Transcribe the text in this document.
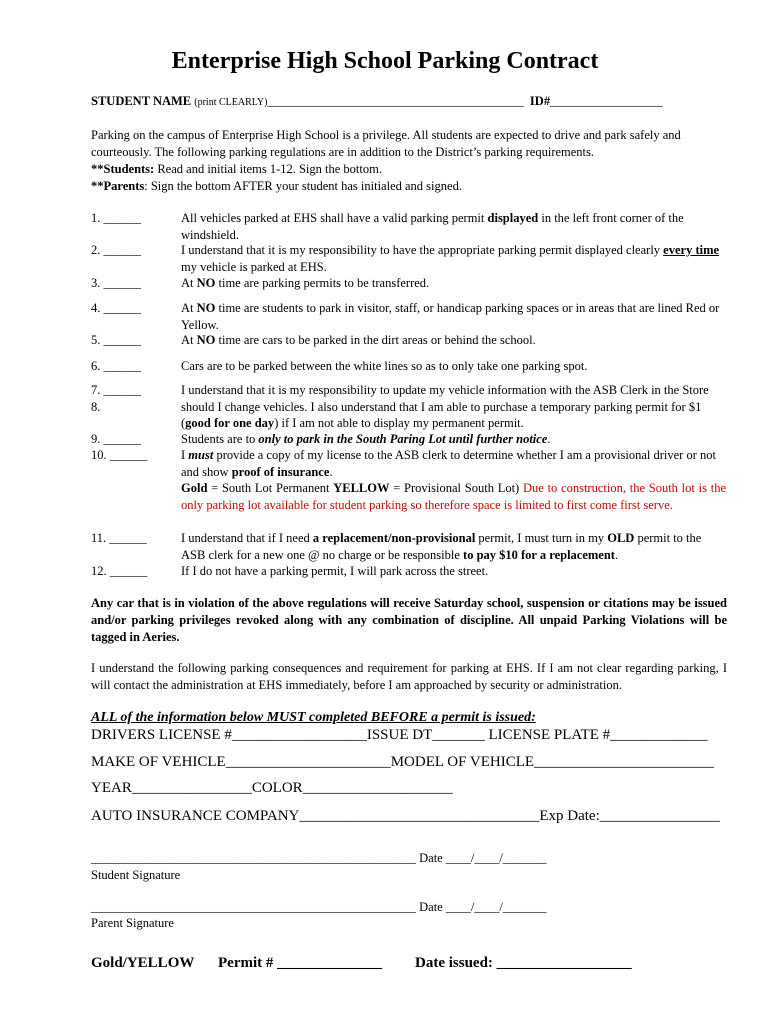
Enterprise High School Parking Contract
STUDENT NAME (print CLEARLY)_________________________________________ ID#__________________
Parking on the campus of Enterprise High School is a privilege. All students are expected to drive and park safely and courteously. The following parking regulations are in addition to the District’s parking requirements.
**Students: Read and initial items 1-12. Sign the bottom.
**Parents: Sign the bottom AFTER your student has initialed and signed.
1. ______
2. ______
3. ______
4. ______
5. ______
6. ______
7. ______
8.
9. ______
10. ______
11. ______
12. ______
All vehicles parked at EHS shall have a valid parking permit displayed in the left front corner of the windshield.
I understand that it is my responsibility to have the appropriate parking permit displayed clearly every time my vehicle is parked at EHS.
At NO time are parking permits to be transferred.
At NO time are students to park in visitor, staff, or handicap parking spaces or in areas that are lined Red or Yellow.
At NO time are cars to be parked in the dirt areas or behind the school.
Cars are to be parked between the white lines so as to only take one parking spot.
I understand that it is my responsibility to update my vehicle information with the ASB Clerk in the Store should I change vehicles. I also understand that I am able to purchase a temporary parking permit for $1 (good for one day) if I am not able to display my permanent permit.
Students are to only to park in the South Paring Lot until further notice.
I must provide a copy of my license to the ASB clerk to determine whether I am a provisional driver or not and show proof of insurance.
Gold = South Lot Permanent YELLOW = Provisional South Lot) Due to construction, the South lot is the only parking lot available for student parking so therefore space is limited to first come first serve.
I understand that if I need a replacement/non-provisional permit, I must turn in my OLD permit to the ASB clerk for a new one @ no charge or be responsible to pay $10 for a replacement.
If I do not have a parking permit, I will park across the street.
Any car that is in violation of the above regulations will receive Saturday school, suspension or citations may be issued and/or parking privileges revoked along with any combination of discipline. All unpaid Parking Violations will be tagged in Aeries.
I understand the following parking consequences and requirement for parking at EHS. If I am not clear regarding parking, I will contact the administration at EHS immediately, before I am approached by security or administration.
ALL of the information below MUST completed BEFORE a permit is issued:
DRIVERS LICENSE #__________________ISSUE DT_______ LICENSE PLATE #_____________
MAKE OF VEHICLE______________________MODEL OF VEHICLE________________________
YEAR________________COLOR____________________
AUTO INSURANCE COMPANY________________________________Exp Date:________________
____________________________________________________ Date ____/____/_______
Student Signature
____________________________________________________ Date ____/____/_______
Parent Signature
Gold/YELLOW Permit # ______________ Date issued: __________________
